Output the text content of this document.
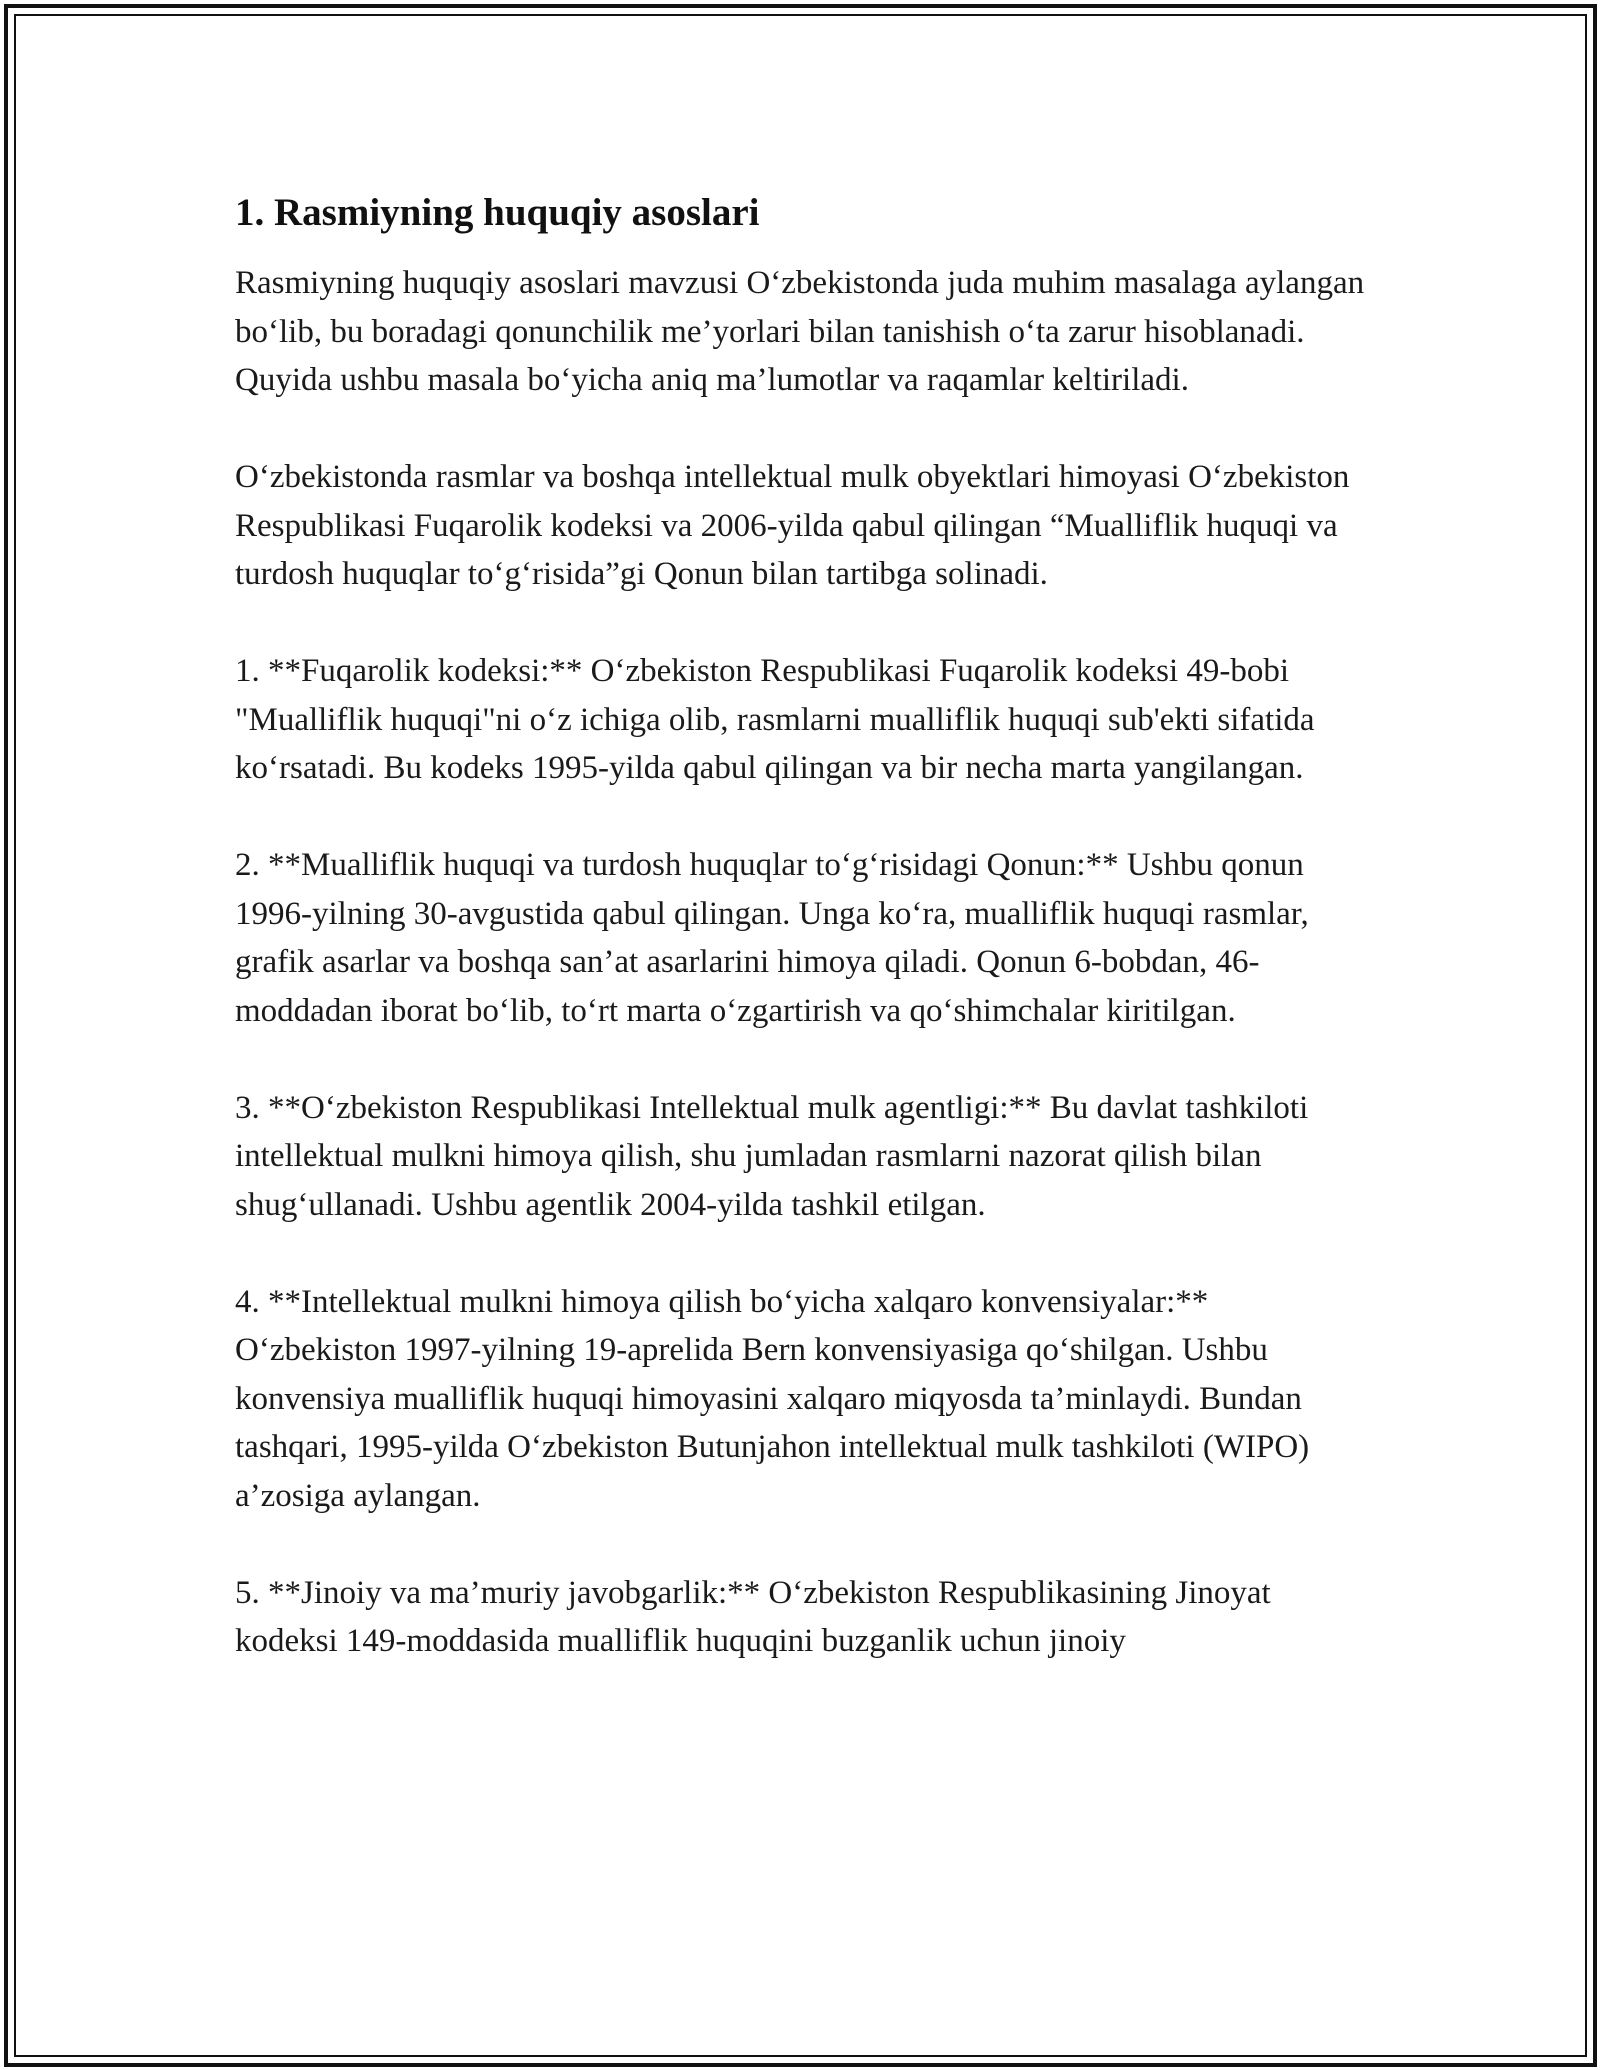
1. Rasmiyning huquqiy asoslari

Rasmiyning huquqiy asoslari mavzusi O‘zbekistonda juda muhim masalaga aylangan bo‘lib, bu boradagi qonunchilik me’yorlari bilan tanishish o‘ta zarur hisoblanadi. Quyida ushbu masala bo‘yicha aniq ma’lumotlar va raqamlar keltiriladi.

O‘zbekistonda rasmlar va boshqa intellektual mulk obyektlari himoyasi O‘zbekiston Respublikasi Fuqarolik kodeksi va 2006-yilda qabul qilingan “Mualliflik huquqi va turdosh huquqlar to‘g‘risida”gi Qonun bilan tartibga solinadi.

1. **Fuqarolik kodeksi:** O‘zbekiston Respublikasi Fuqarolik kodeksi 49-bobi "Mualliflik huquqi"ni o‘z ichiga olib, rasmlarni mualliflik huquqi sub'ekti sifatida ko‘rsatadi. Bu kodeks 1995-yilda qabul qilingan va bir necha marta yangilangan.

2. **Mualliflik huquqi va turdosh huquqlar to‘g‘risidagi Qonun:** Ushbu qonun 1996-yilning 30-avgustida qabul qilingan. Unga ko‘ra, mualliflik huquqi rasmlar, grafik asarlar va boshqa san’at asarlarini himoya qiladi. Qonun 6-bobdan, 46-moddadan iborat bo‘lib, to‘rt marta o‘zgartirish va qo‘shimchalar kiritilgan.

3. **O‘zbekiston Respublikasi Intellektual mulk agentligi:** Bu davlat tashkiloti intellektual mulkni himoya qilish, shu jumladan rasmlarni nazorat qilish bilan shug‘ullanadi. Ushbu agentlik 2004-yilda tashkil etilgan.

4. **Intellektual mulkni himoya qilish bo‘yicha xalqaro konvensiyalar:** O‘zbekiston 1997-yilning 19-aprelida Bern konvensiyasiga qo‘shilgan. Ushbu konvensiya mualliflik huquqi himoyasini xalqaro miqyosda ta’minlaydi. Bundan tashqari, 1995-yilda O‘zbekiston Butunjahon intellektual mulk tashkiloti (WIPO) a’zosiga aylangan.

5. **Jinoiy va ma’muriy javobgarlik:** O‘zbekiston Respublikasining Jinoyat kodeksi 149-moddasida mualliflik huquqini buzganlik uchun jinoiy
